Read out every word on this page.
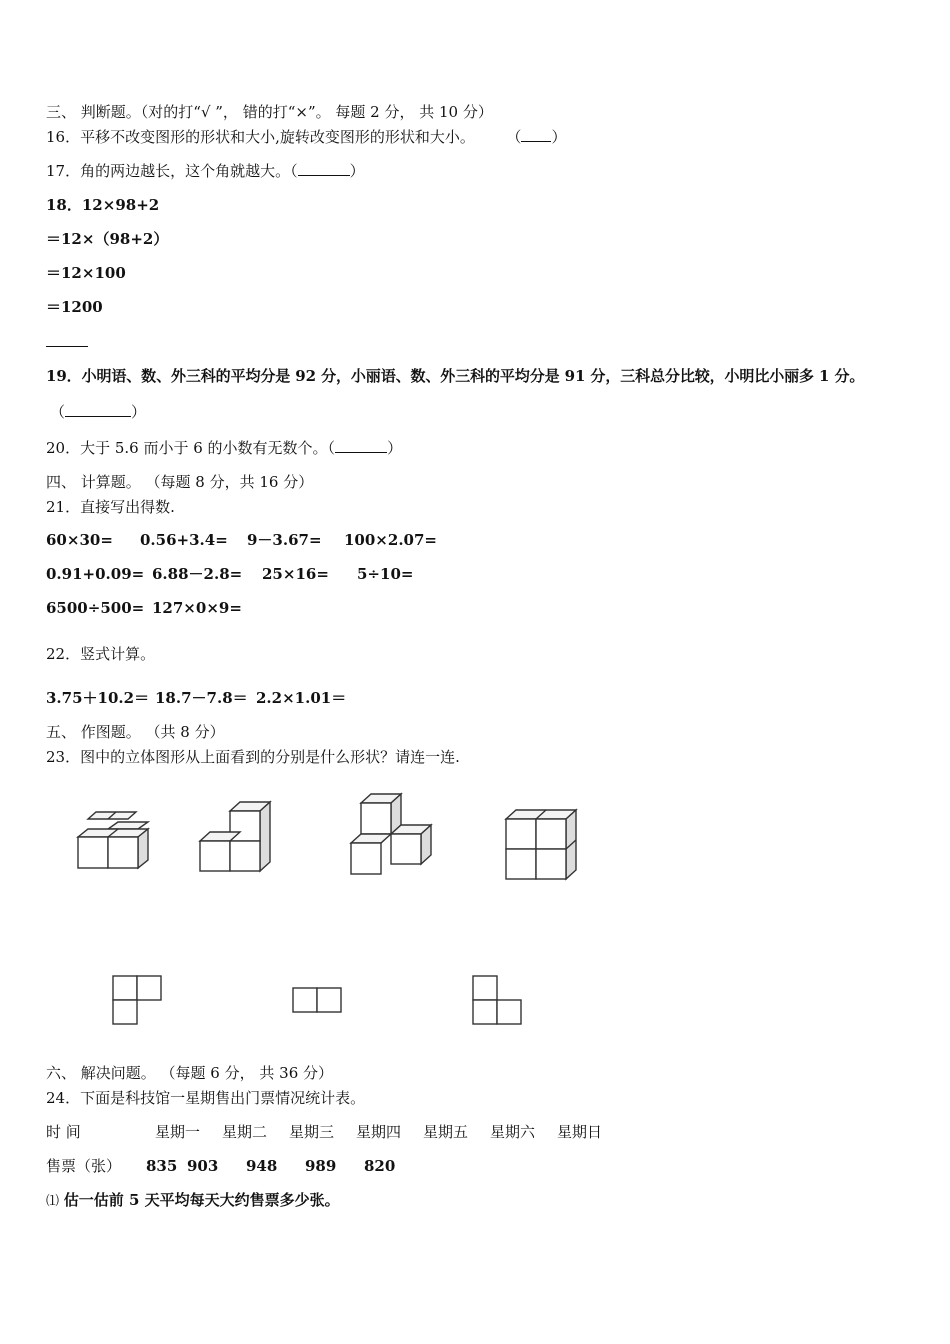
三、 判断题。（对的打“√ ”， 错的打“×”。 每题 2 分， 共 10 分）
16．平移不改变图形的形状和大小,旋转改变图形的形状和大小。 （ ）
17．角的两边越长，这个角就越大。（	）
18．12×98+2
＝12×（98+2）
＝12×100
＝1200
19．小明语、数、外三科的平均分是 92 分，小丽语、数、外三科的平均分是 91 分，三科总分比较，小明比小丽多 1 分。
（	）
20．大于 5.6 而小于 6 的小数有无数个。（	）
四、 计算题。 （每题 8 分，共 16 分）
21．直接写出得数.
60×30= 0.56+3.4= 9－3.67= 100×2.07=
0.91+0.09= 6.88－2.8= 25×16= 5÷10=
6500÷500= 127×0×9=
22．竖式计算。
3.75＋10.2＝ 18.7－7.8＝ 2.2×1.01＝
五、 作图题。 （共 8 分）
23．图中的立体图形从上面看到的分别是什么形状？请连一连.
六、 解决问题。 （每题 6 分， 共 36 分）
24．下面是科技馆一星期售出门票情况统计表。
时 间	星期一 星期二 星期三 星期四 星期五 星期六 星期日
售票（张） 835 903 948 989 820
⑴ 估一估前 5 天平均每天大约售票多少张。
